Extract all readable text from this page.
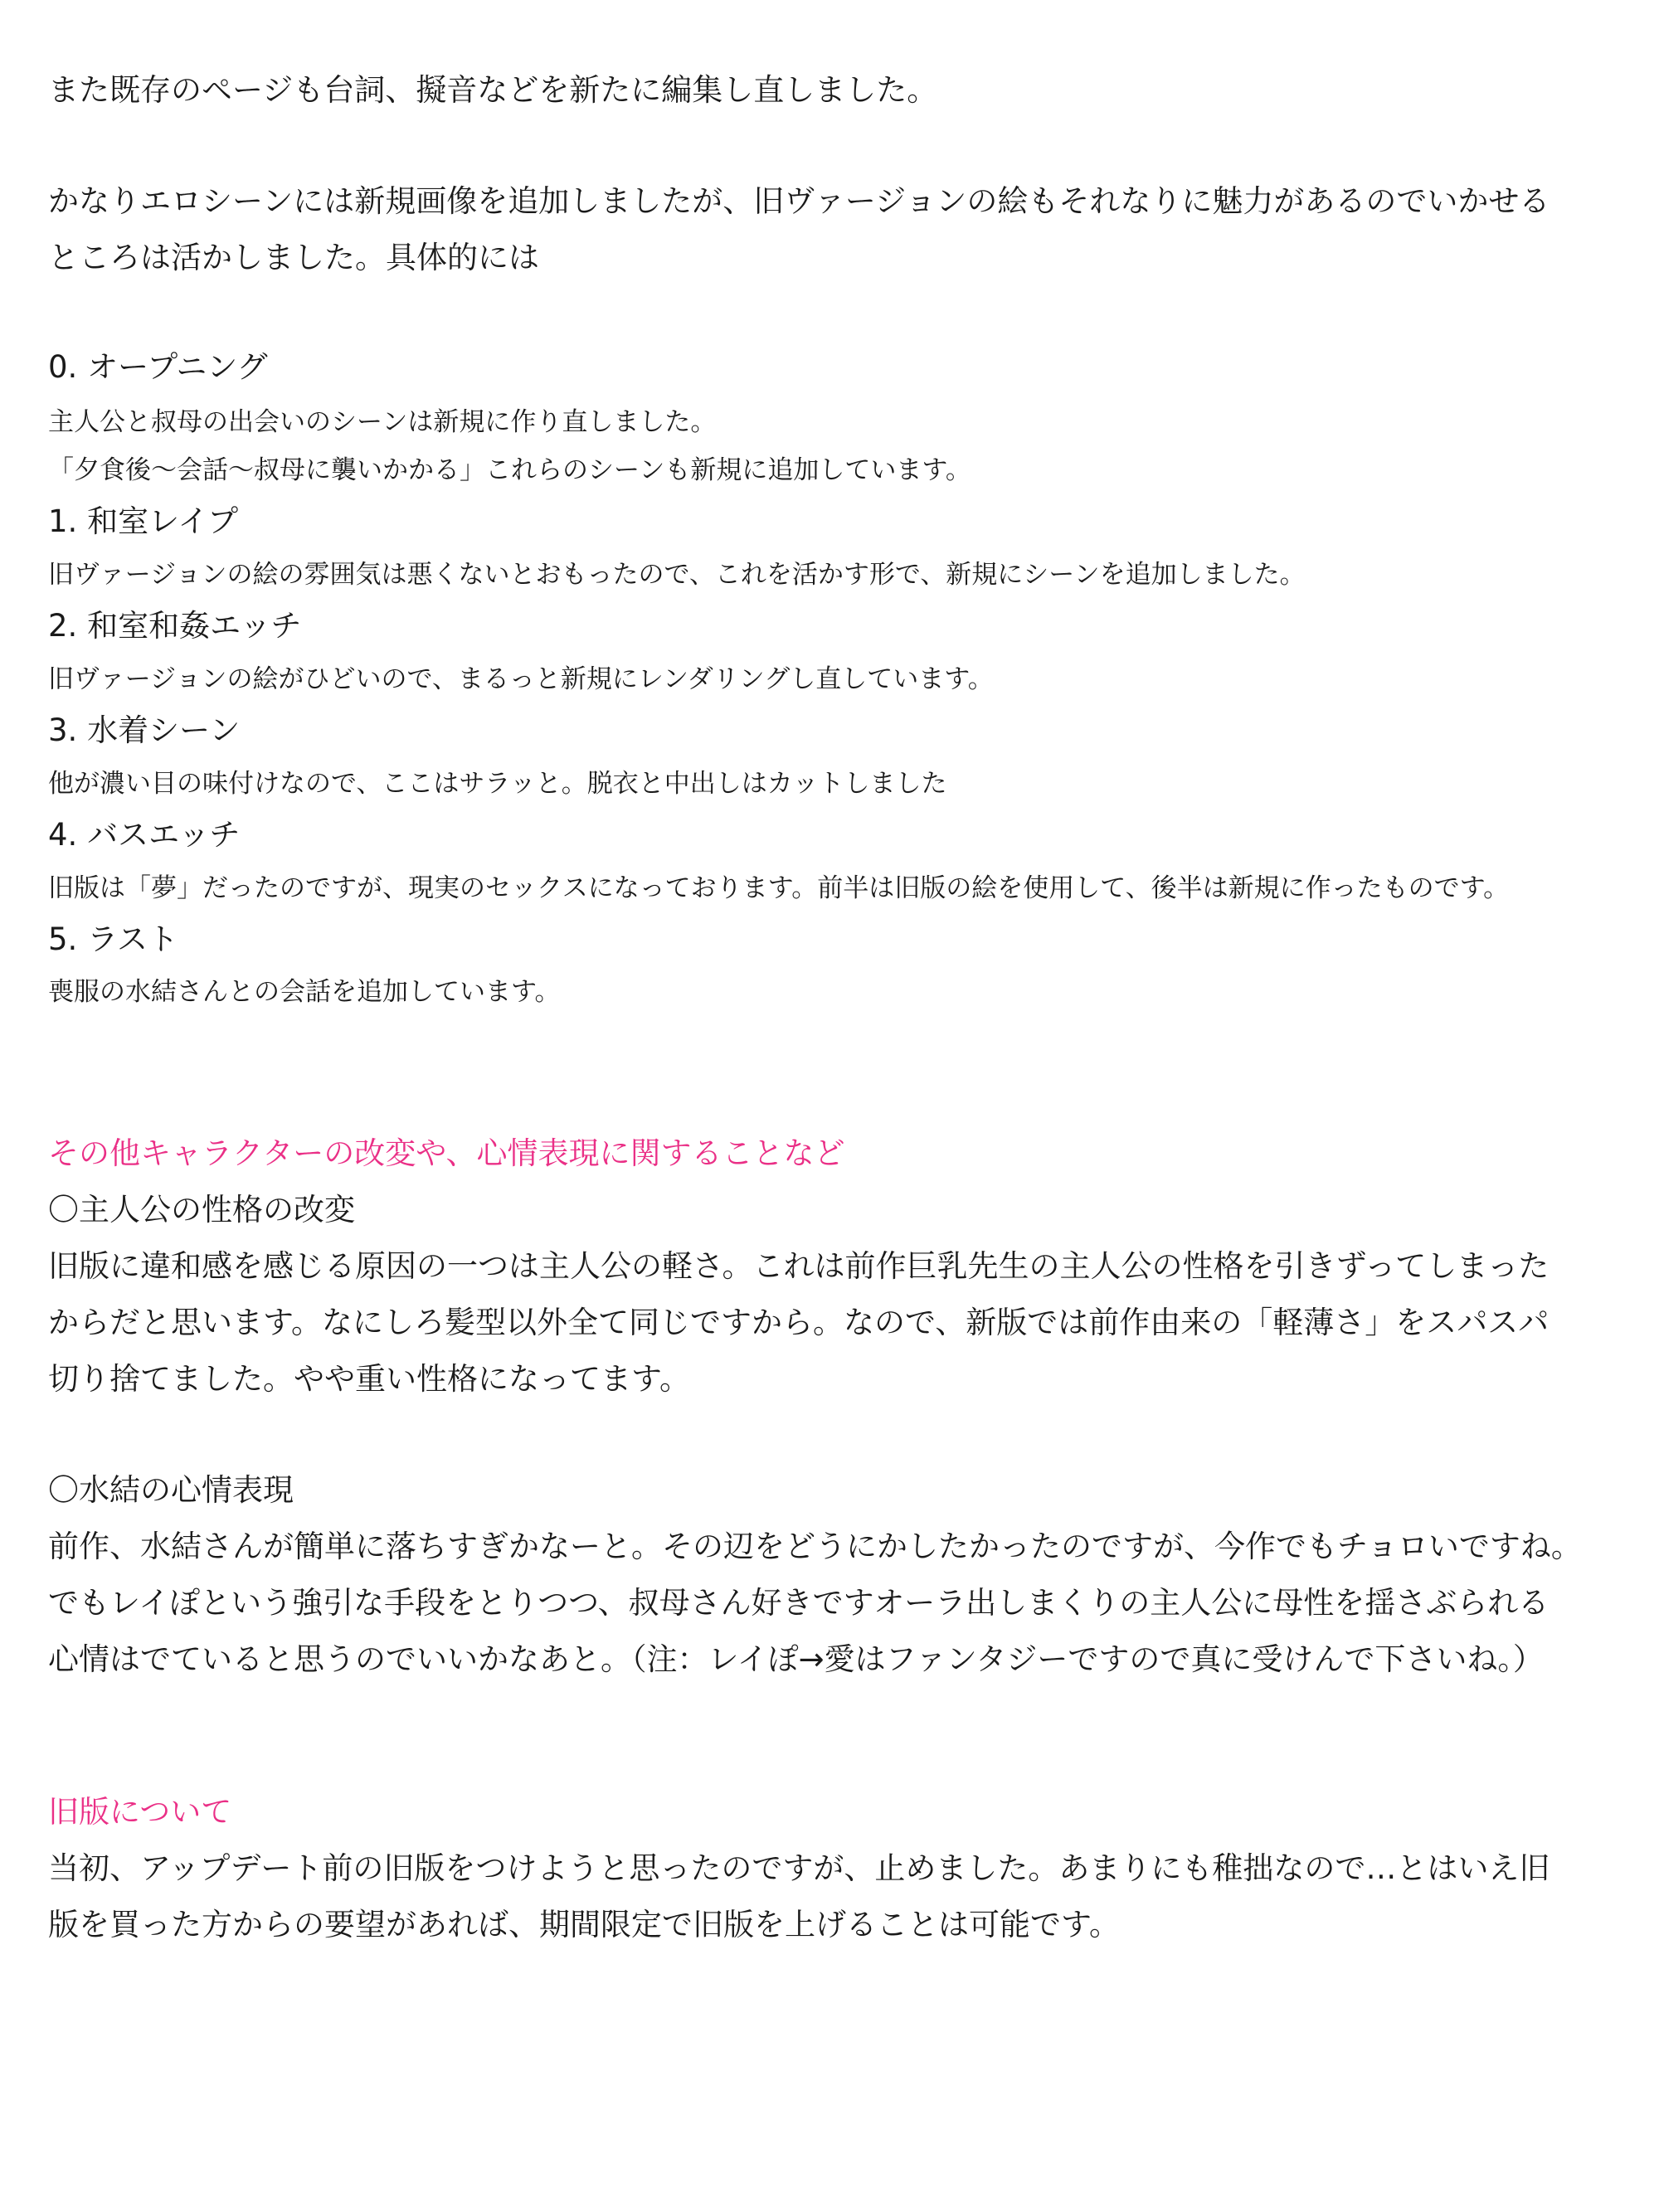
また既存のページも台詞、擬音などを新たに編集し直しました。

かなりエロシーンには新規画像を追加しましたが、旧ヴァージョンの絵もそれなりに魅力があるのでいかせる

ところは活かしました。具体的には

0. オープニング

主人公と叔母の出会いのシーンは新規に作り直しました。

「夕食後〜会話〜叔母に襲いかかる」これらのシーンも新規に追加しています。

1. 和室レイプ

旧ヴァージョンの絵の雰囲気は悪くないとおもったので、これを活かす形で、新規にシーンを追加しました。

2. 和室和姦エッチ

旧ヴァージョンの絵がひどいので、まるっと新規にレンダリングし直しています。

3. 水着シーン

他が濃い目の味付けなので、ここはサラッと。脱衣と中出しはカットしました

4. バスエッチ

旧版は「夢」だったのですが、現実のセックスになっております。前半は旧版の絵を使用して、後半は新規に作ったものです。

5. ラスト

喪服の水結さんとの会話を追加しています。

その他キャラクターの改変や、心情表現に関することなど

〇主人公の性格の改変

旧版に違和感を感じる原因の一つは主人公の軽さ。これは前作巨乳先生の主人公の性格を引きずってしまった

からだと思います。なにしろ髪型以外全て同じですから。なので、新版では前作由来の「軽薄さ」をスパスパ

切り捨てました。やや重い性格になってます。

〇水結の心情表現

前作、水結さんが簡単に落ちすぎかなーと。その辺をどうにかしたかったのですが、今作でもチョロいですね。

でもレイぽという強引な手段をとりつつ、叔母さん好きですオーラ出しまくりの主人公に母性を揺さぶられる

心情はでていると思うのでいいかなあと。（注：レイぽ→愛はファンタジーですので真に受けんで下さいね。）

旧版について

当初、アップデート前の旧版をつけようと思ったのですが、止めました。あまりにも稚拙なので…とはいえ旧

版を買った方からの要望があれば、期間限定で旧版を上げることは可能です。
